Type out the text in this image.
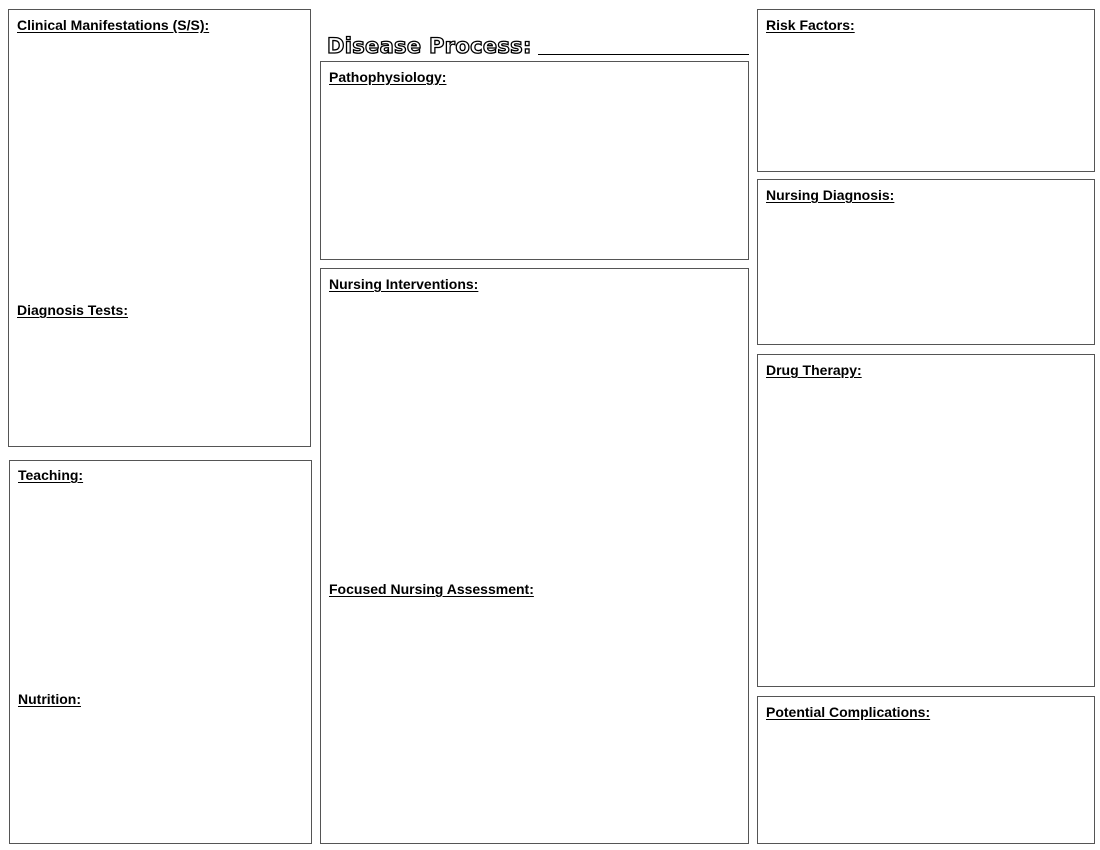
Disease Process:
Clinical Manifestations (S/S):
Diagnosis Tests:
Teaching:
Nutrition:
Pathophysiology:
Nursing Interventions:
Focused Nursing Assessment:
Risk Factors:
Nursing Diagnosis:
Drug Therapy:
Potential Complications:
